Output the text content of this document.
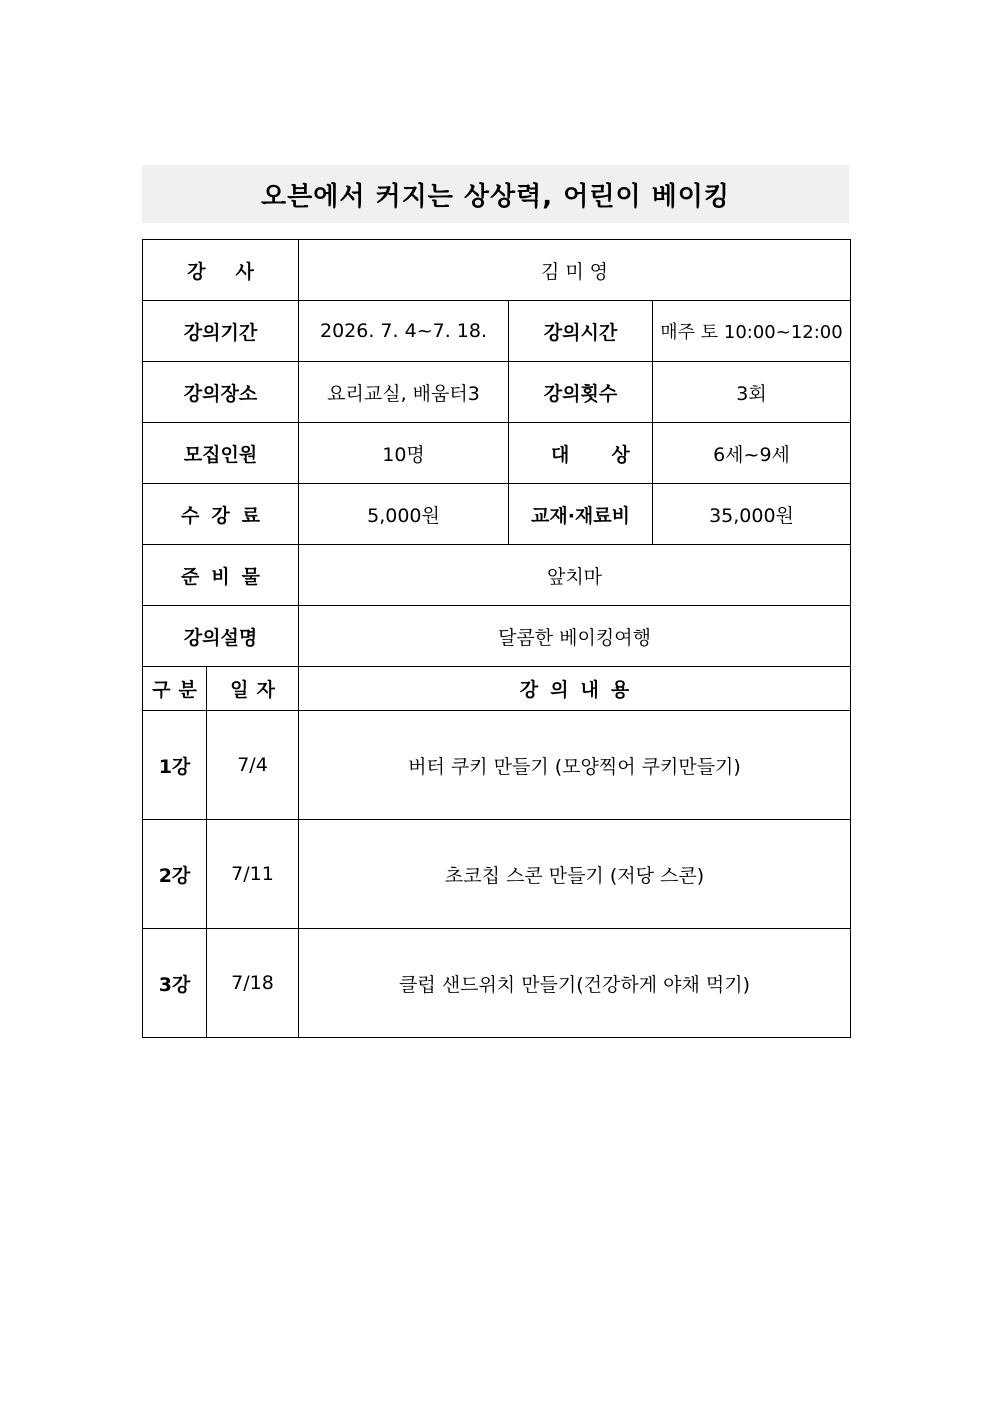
오븐에서 커지는 상상력, 어린이 베이킹
강사		김미영		
강의기간		2026. 7. 4~7. 18.	강의시간	매주 토 10:00~12:00
강의장소		요리교실, 배움터3	강의횟수	3회
모집인원		10명	대상	6세~9세
수강료		5,000원	교재·재료비	35,000원
준비물		앞치마		
강의설명		달콤한 베이킹여행		
구분	일자	강의내용		
1강	7/4	버터 쿠키 만들기 (모양찍어 쿠키만들기)		
2강	7/11	초코칩 스콘 만들기 (저당 스콘)		
3강	7/18	클럽 샌드위치 만들기(건강하게 야채 먹기)		
